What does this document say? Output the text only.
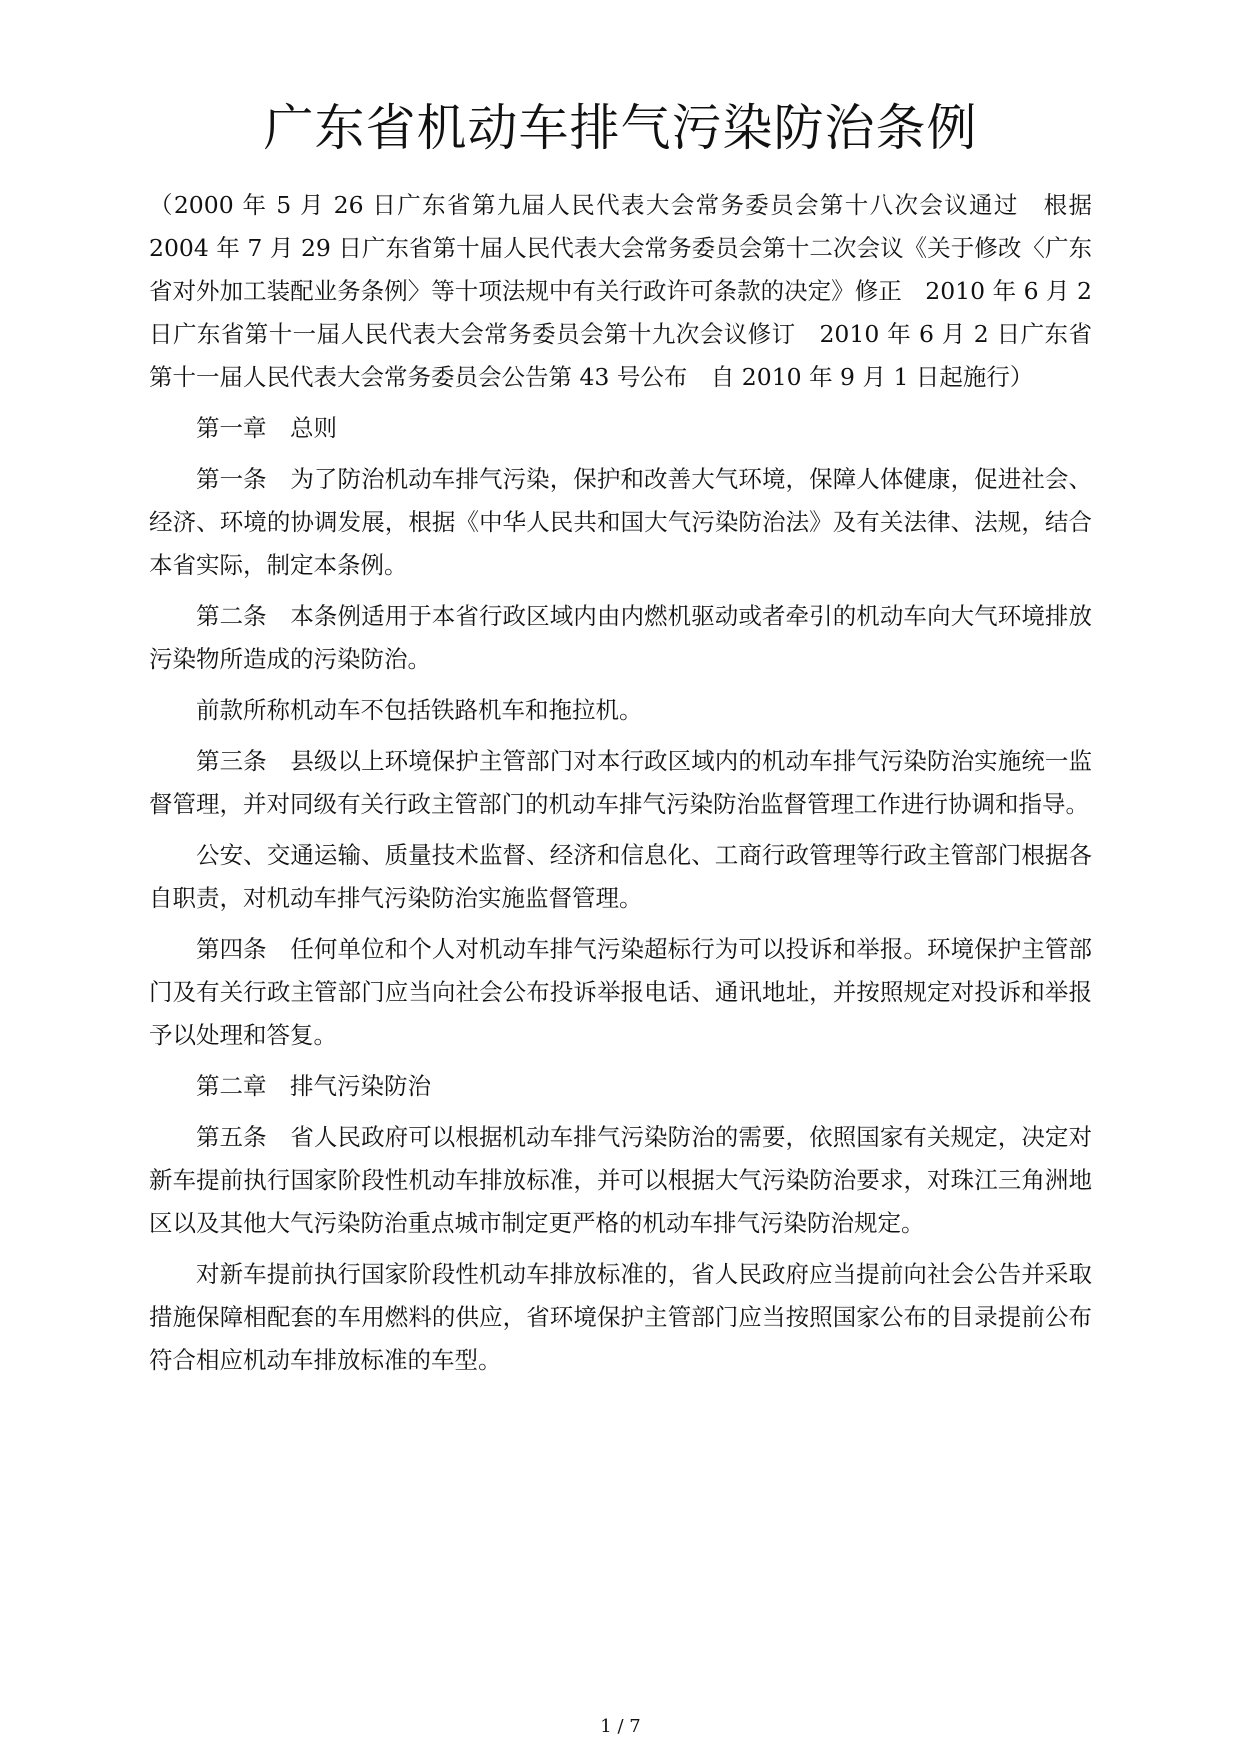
广东省机动车排气污染防治条例

（2000 年 5 月 26 日广东省第九届人民代表大会常务委员会第十八次会议通过　根据 2004 年 7 月 29 日广东省第十届人民代表大会常务委员会第十二次会议《关于修改〈广东省对外加工装配业务条例〉等十项法规中有关行政许可条款的决定》修正　2010 年 6 月 2 日广东省第十一届人民代表大会常务委员会第十九次会议修订　2010 年 6 月 2 日广东省第十一届人民代表大会常务委员会公告第 43 号公布　自 2010 年 9 月 1 日起施行）

第一章　总则

第一条　为了防治机动车排气污染，保护和改善大气环境，保障人体健康，促进社会、经济、环境的协调发展，根据《中华人民共和国大气污染防治法》及有关法律、法规，结合本省实际，制定本条例。

第二条　本条例适用于本省行政区域内由内燃机驱动或者牵引的机动车向大气环境排放污染物所造成的污染防治。

前款所称机动车不包括铁路机车和拖拉机。

第三条　县级以上环境保护主管部门对本行政区域内的机动车排气污染防治实施统一监督管理，并对同级有关行政主管部门的机动车排气污染防治监督管理工作进行协调和指导。

公安、交通运输、质量技术监督、经济和信息化、工商行政管理等行政主管部门根据各自职责，对机动车排气污染防治实施监督管理。

第四条　任何单位和个人对机动车排气污染超标行为可以投诉和举报。环境保护主管部门及有关行政主管部门应当向社会公布投诉举报电话、通讯地址，并按照规定对投诉和举报予以处理和答复。

第二章　排气污染防治

第五条　省人民政府可以根据机动车排气污染防治的需要，依照国家有关规定，决定对新车提前执行国家阶段性机动车排放标准，并可以根据大气污染防治要求，对珠江三角洲地区以及其他大气污染防治重点城市制定更严格的机动车排气污染防治规定。

对新车提前执行国家阶段性机动车排放标准的，省人民政府应当提前向社会公告并采取措施保障相配套的车用燃料的供应，省环境保护主管部门应当按照国家公布的目录提前公布符合相应机动车排放标准的车型。

1 / 7
